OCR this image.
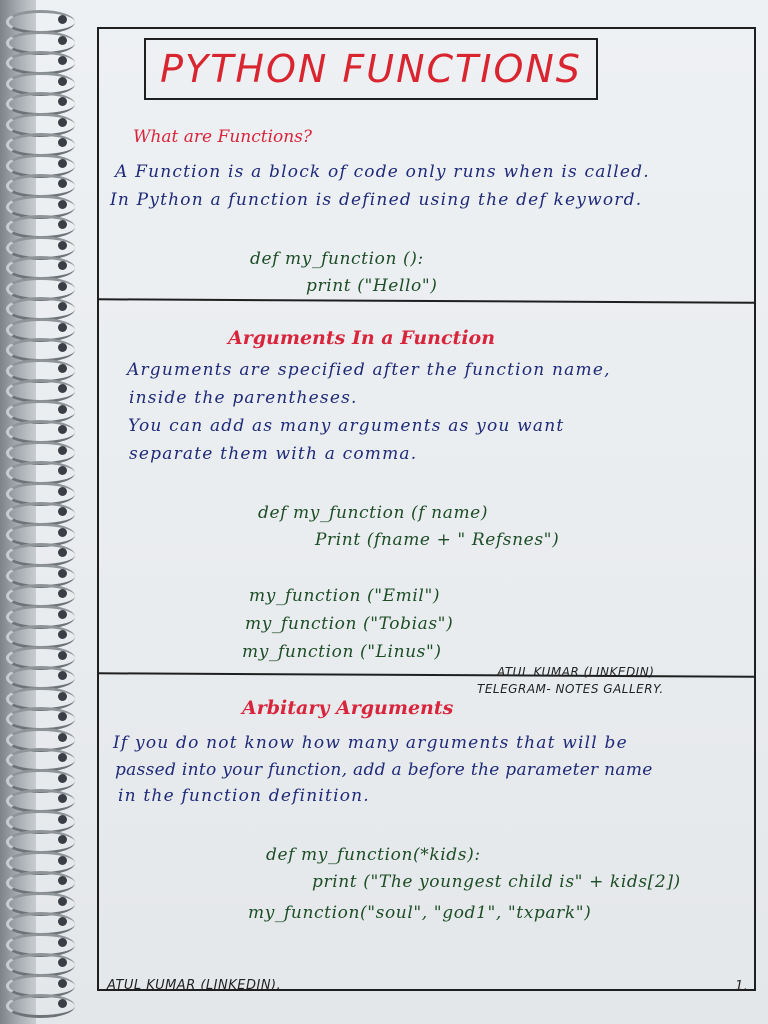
PYTHON FUNCTIONS
What are Functions?
A Function is a block of code only runs when is called.
In Python a function is defined using the def keyword.
def my_function ():
print ("Hello")
Arguments In a Function
Arguments are specified after the function name,
inside the parentheses.
You can add as many arguments as you want
separate them with a comma.
def my_function (f name)
Print (fname + " Refsnes")
my_function ("Emil")
my_function ("Tobias")
my_function ("Linus")
ATUL KUMAR (LINKEDIN)
TELEGRAM- NOTES GALLERY.
Arbitary Arguments
If you do not know how many arguments that will be
passed into your function, add a before the parameter name
in the function definition.
def my_function(*kids):
print ("The youngest child is" + kids[2])
my_function("soul", "god1", "txpark")
ATUL KUMAR (LINKEDIN).	1.
